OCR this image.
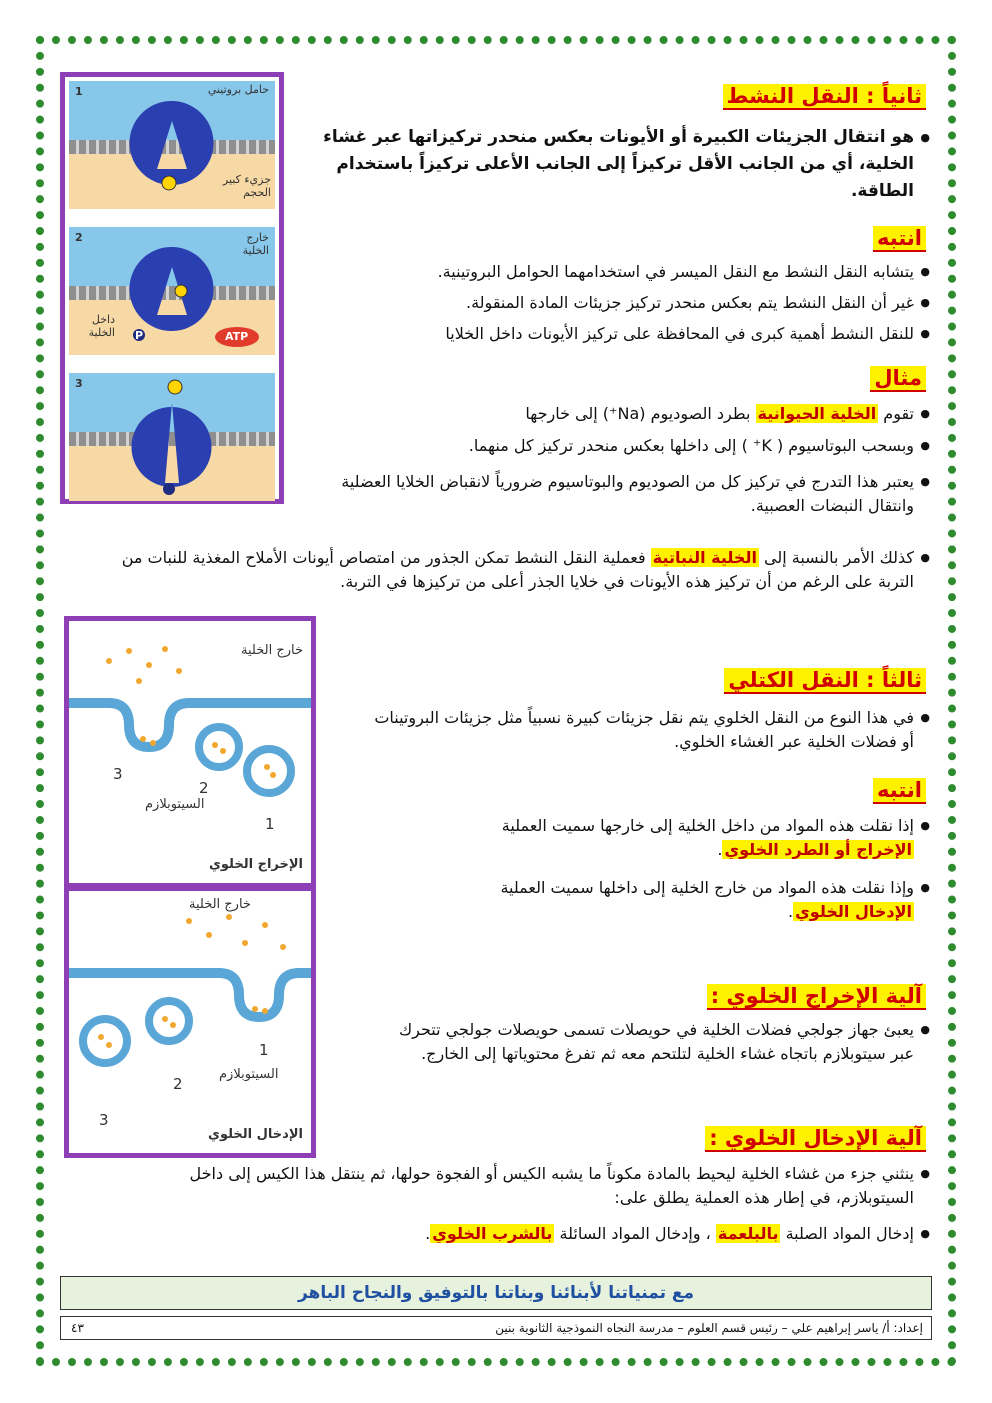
ثانياً : النقل النشط
● هو انتقال الجزيئات الكبيرة أو الأيونات بعكس منحدر تركيزاتها عبر غشاء الخلية، أي من الجانب الأقل تركيزاً إلى الجانب الأعلى تركيزاً باستخدام الطاقة.
انتبه
● يتشابه النقل النشط مع النقل الميسر في استخدامهما الحوامل البروتينية.
● غير أن النقل النشط يتم بعكس منحدر تركيز جزيئات المادة المنقولة.
● للنقل النشط أهمية كبرى في المحافظة على تركيز الأيونات داخل الخلايا
مثال
● تقوم الخلية الحيوانية بطرد الصوديوم (Na⁺) إلى خارجها
● وبسحب البوتاسيوم ( K⁺ ) إلى داخلها بعكس منحدر تركيز كل منهما.
● يعتبر هذا التدرج في تركيز كل من الصوديوم والبوتاسيوم ضرورياً لانقباض الخلايا العضلية وانتقال النبضات العصبية.
● كذلك الأمر بالنسبة إلى الخلية النباتية فعملية النقل النشط تمكن الجذور من امتصاص أيونات الأملاح المغذية للنبات من التربة على الرغم من أن تركيز هذه الأيونات في خلايا الجذر أعلى من تركيزها في التربة.
ثالثاً : النقل الكتلي
● في هذا النوع من النقل الخلوي يتم نقل جزيئات كبيرة نسبياً مثل جزيئات البروتينات أو فضلات الخلية عبر الغشاء الخلوي.
انتبه
● إذا نقلت هذه المواد من داخل الخلية إلى خارجها سميت العملية
الإخراج أو الطرد الخلوي.
● وإذا نقلت هذه المواد من خارج الخلية إلى داخلها سميت العملية
الإدخال الخلوي.
آلية الإخراج الخلوي :
● يعبئ جهاز جولجي فضلات الخلية في حويصلات تسمى حويصلات جولجي تتحرك عبر سيتوبلازم باتجاه غشاء الخلية لتلتحم معه ثم تفرغ محتوياتها إلى الخارج.
آلية الإدخال الخلوي :
● ينثني جزء من غشاء الخلية ليحيط بالمادة مكوناً ما يشبه الكيس أو الفجوة حولها، ثم ينتقل هذا الكيس إلى داخل السيتوبلازم، في إطار هذه العملية يطلق على:
● إدخال المواد الصلبة بالبلعمة ، وإدخال المواد السائلة بالشرب الخلوي.
مع تمنياتنا لأبنائنا وبناتنا بالتوفيق والنجاح الباهر
إعداد: أ/ ياسر إبراهيم علي – رئيس قسم العلوم – مدرسة النجاه النموذجية الثانوية بنين
٤٣
1	حامل بروتيني
جزيء كبير الحجم
2	خارج الخلية
داخل الخلية	ATP
P
3
خارج الخلية
السيتوبلازم
3
2
1
الإخراج الخلوي
خارج الخلية
السيتوبلازم
1
2
3
الإدخال الخلوي
